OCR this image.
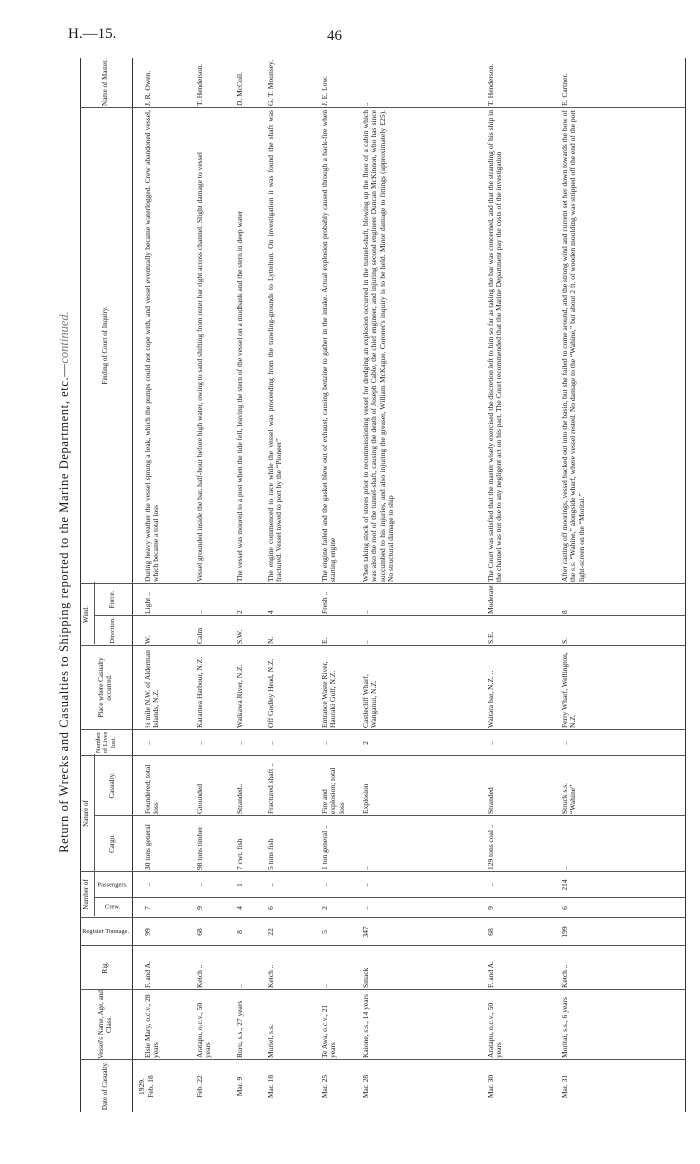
H.—15.	46
Return of Wrecks and Casualties to Shipping reported to the Marine Department, etc.—continued.
Date of Casualty.
Vessel's Name, Age, and Class.
Rig.
Register Tonnage.
Number of	Crew.
Passengers.
Nature of
Cargo.
Casualty.
Number of Lives lost.
Place where Casualty occurred.
Wind.
Direction.
Force.
Finding of Court of Inquiry.
Name of Master.
1929. Feb. 18
Elsie Mary, o.c.v., 28 years
F. and A.
99
7
..
30 tons general
Foundered; total loss
..
¼ mile N.W. of Alderman Islands, N.Z.
W.
Light ..
During heavy weather the vessel sprung a leak, which the pumps could not cope with, and vessel eventually became waterlogged. Crew abandoned vessel, which became a total loss
J. R. Owen.
Feb. 22
Aratapu, o.c.v., 50 years
Ketch ..
68
9
..
98 tons timber
Grounded
..
Karamea Harbour, N.Z.
Calm
..
Vessel grounded inside the bar, half-hour before high water, owing to sand shifting from outer bar right across channel. Slight damage to vessel
T. Henderson.
Mar. 9
Ruru, s.s., 27 years
..
8
4
1
7 cwt. fish
Stranded..
..
Waikawa River, N.Z.
S.W.
2
The vessel was moored to a post when the tide fell, leaving the stern of the vessel on a mudbank and the stern in deep water
D. McColl.
Mar. 18
Muriel, s.s.
Ketch ..
22
6
..
5 tons fish
Fractured shaft ..
..
Off Godley Head, N.Z.
N.
4
The engine commenced to race while the vessel was proceeding from the trawling-grounds to Lyttelton. On investigation it was found the shaft was fractured. Vessel towed to port by the “Pioneer”
G. T. Mounsey.
Mar. 25
Te Awa, o.c.v., 21 years
..
5
2
..
1 ton general ..
Fire and explosion; total loss
..
Entrance Waste River, Hauraki Gulf, N.Z.
E.
Fresh ..
The engine failed and the gasket blew out of exhaust, causing benzine to gather in the intake. Actual explosion probably caused through a back-fire when starting engine
J. E. Low.
Mar. 28
Kaione, s.s., 14 years
Smack
347
..
..
..
Explosion
2
Castlecliff Wharf, Wanganui, N.Z.
..
..
When taking stock of stores prior to recommissioning vessel for dredging an explosion occurred in the tunnel-shaft, blowing up the floor of a cabin which was also the roof of the tunnel-shaft, causing the death of Joseph Cable, the chief engineer, and injuring second engineer Duncan McKinnon, who has since succumbed to his injuries, and also injuring the greaser, William McKague. Coroner's inquiry is to be held. Minor damage to fittings (approximately £25). No structural damage to ship
..
Mar. 30
Aratapu, o.c.v., 50 years
F. and A.
68
9
..
129 tons coal ..
Stranded
..
Waitara bar, N.Z. ..
S.E.
Moderate
The Court was satisfied that the master wisely exercised the discretion left to him so far as taking the bar was concerned, and that the stranding of his ship in the channel was not due to any negligent act on his part. The Court recommended that the Marine Department pay the costs of the investigation
T. Henderson.
Mar. 31
Moritai, s.s., 6 years
Ketch ..
199
6
214
..
Struck s.s. “Wahine”
..
Ferry Wharf, Wellington, N.Z.
S.
8
After casting off moorings, vessel backed out into the basin, but she failed to come around, and the strong wind and current set her down towards the bow of the s.s. “Wahine,” alongside wharf, where vessel rested. No damage to the “Wahine,” but about 2 ft. of wooden moulding was stripped off the end of the port light-screen on the “Moritai.”
E. Cartner.
